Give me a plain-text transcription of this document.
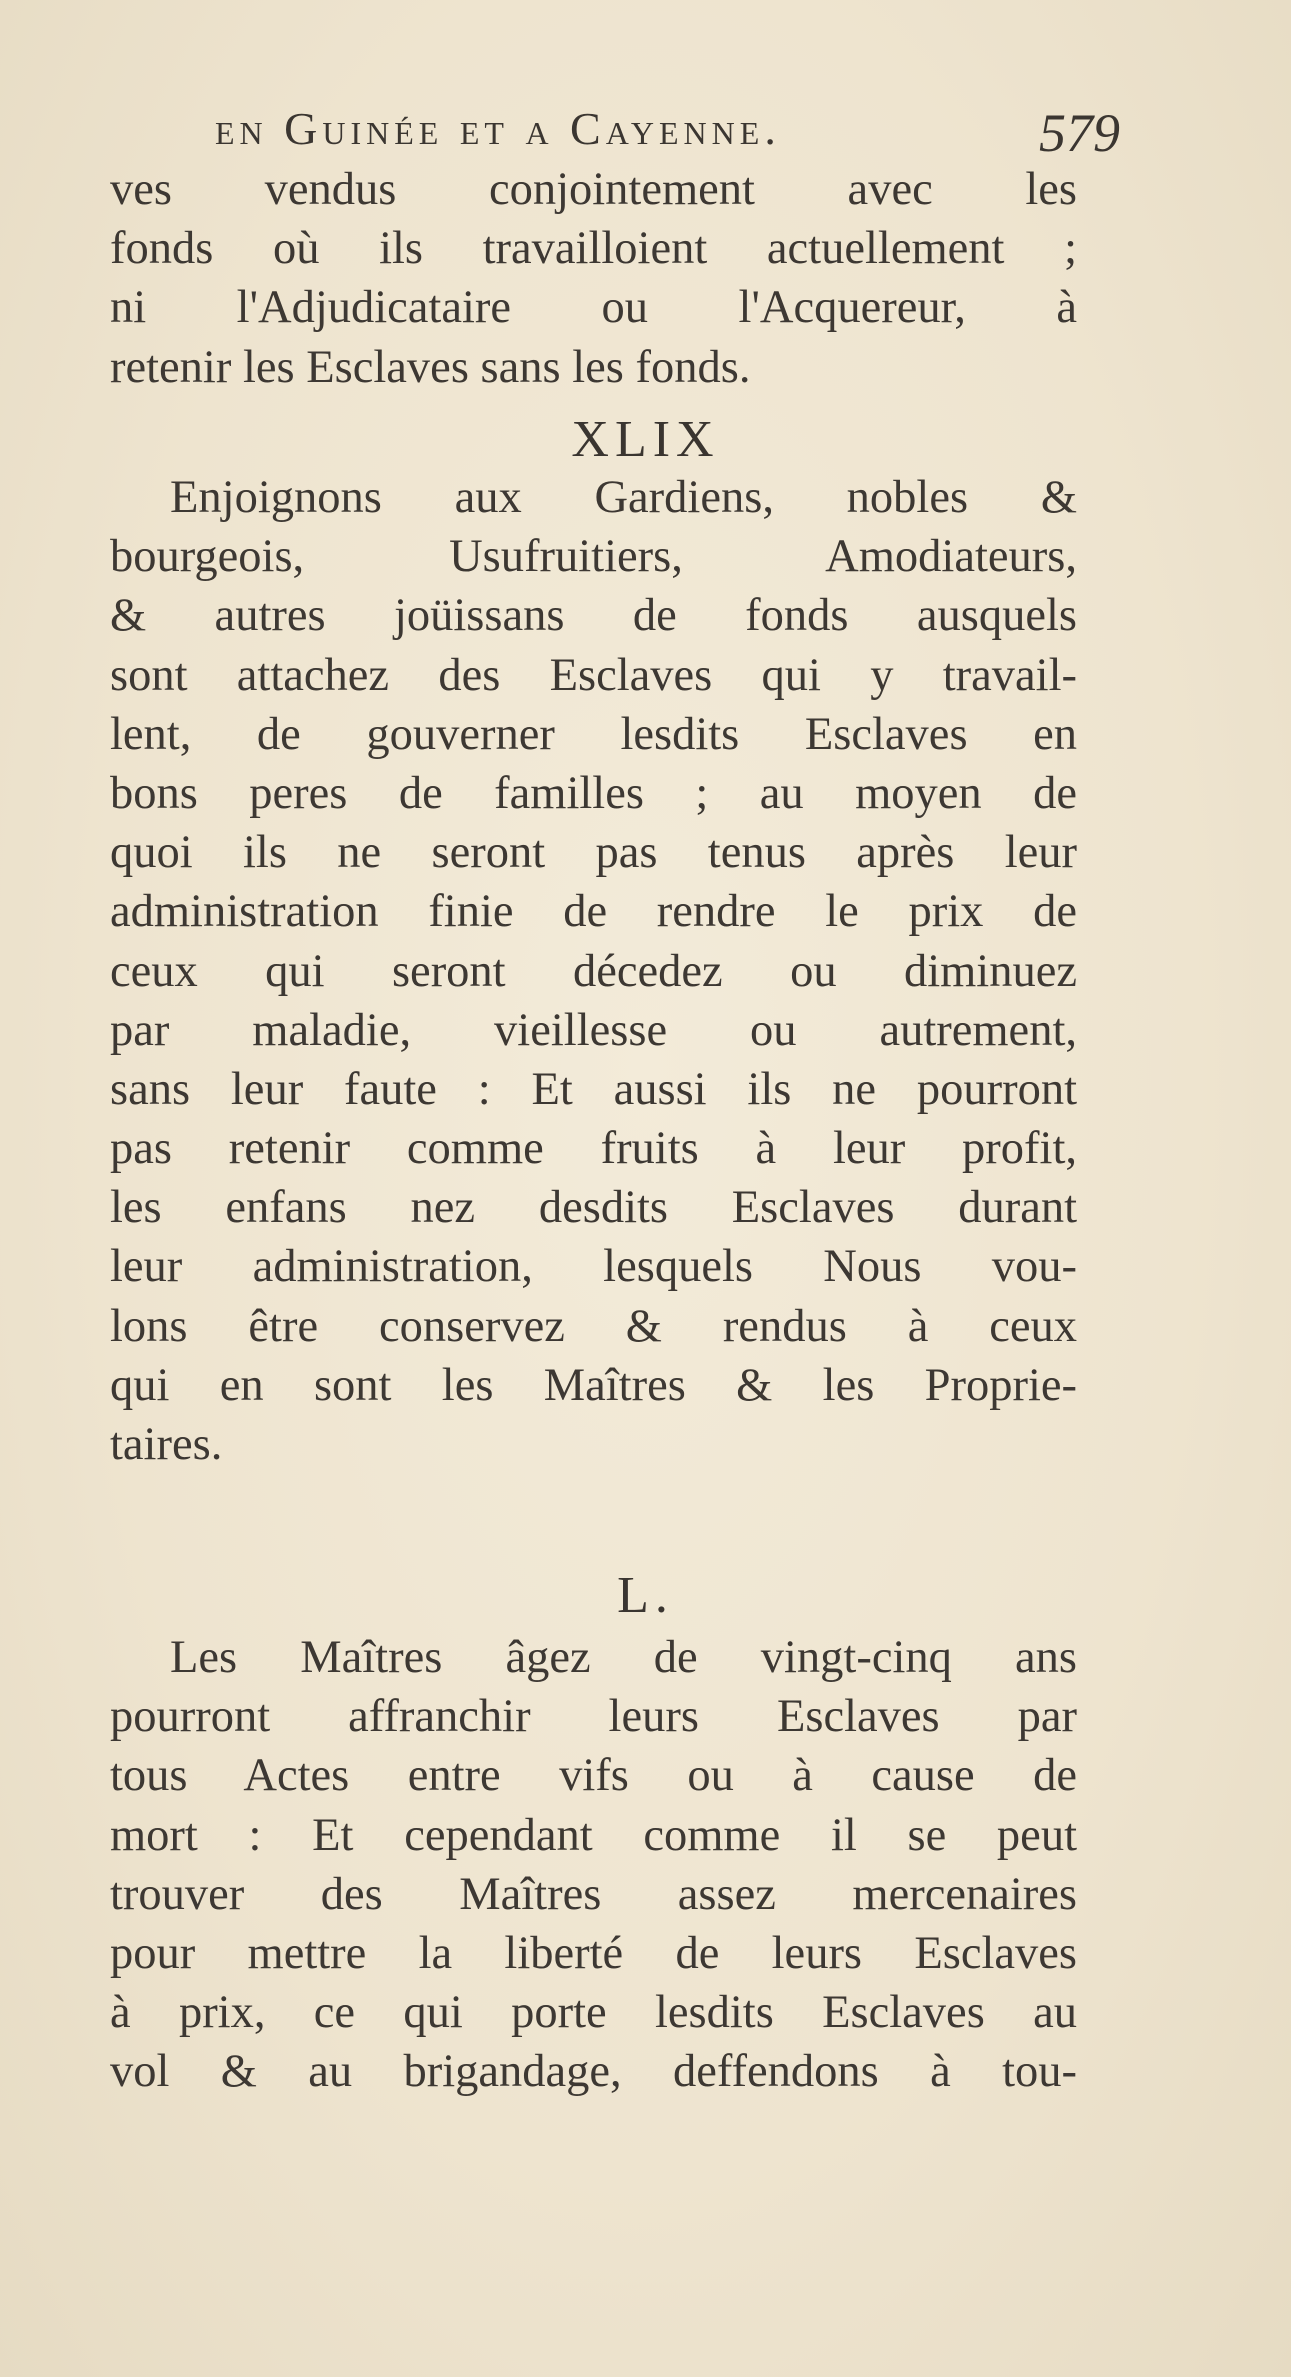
en Guinée et a Cayenne.	579
ves vendus conjointement avec les
fonds où ils travailloient actuellement ;
ni l'Adjudicataire ou l'Acquereur, à
retenir les Esclaves sans les fonds.
XLIX
Enjoignons aux Gardiens, nobles &
bourgeois, Usufruitiers, Amodiateurs,
& autres joüissans de fonds ausquels
sont attachez des Esclaves qui y travail-
lent, de gouverner lesdits Esclaves en
bons peres de familles ; au moyen de
quoi ils ne seront pas tenus après leur
administration finie de rendre le prix de
ceux qui seront décedez ou diminuez
par maladie, vieillesse ou autrement,
sans leur faute : Et aussi ils ne pourront
pas retenir comme fruits à leur profit,
les enfans nez desdits Esclaves durant
leur administration, lesquels Nous vou-
lons être conservez & rendus à ceux
qui en sont les Maîtres & les Proprie-
taires.
L.
Les Maîtres âgez de vingt-cinq ans
pourront affranchir leurs Esclaves par
tous Actes entre vifs ou à cause de
mort : Et cependant comme il se peut
trouver des Maîtres assez mercenaires
pour mettre la liberté de leurs Esclaves
à prix, ce qui porte lesdits Esclaves au
vol & au brigandage, deffendons à tou-
